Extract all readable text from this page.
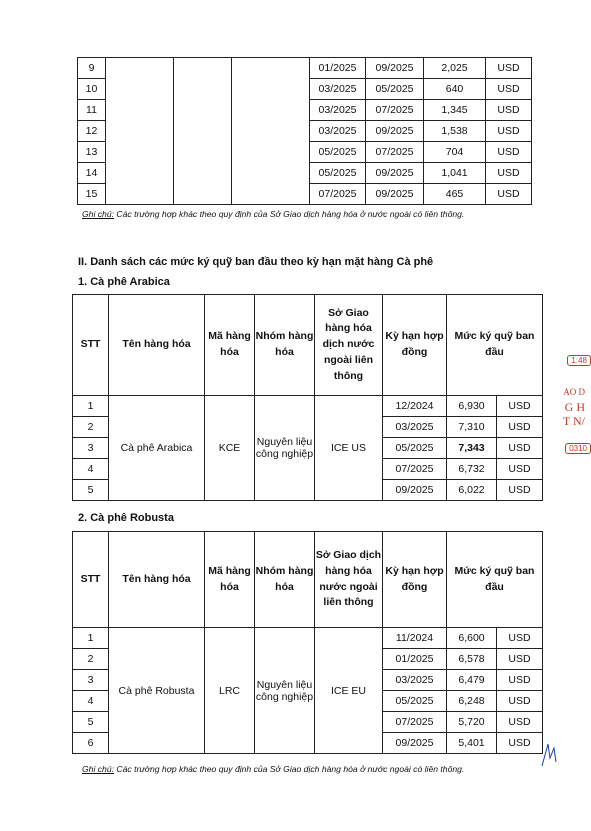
9				01/2025	09/2025	2,025	USD
10				03/2025	05/2025	640	USD
11				03/2025	07/2025	1,345	USD
12				03/2025	09/2025	1,538	USD
13				05/2025	07/2025	704	USD
14				05/2025	09/2025	1,041	USD
15				07/2025	09/2025	465	USD
Ghi chú: Các trường hợp khác theo quy định của Sở Giao dịch hàng hóa ở nước ngoài có liên thông.
II. Danh sách các mức ký quỹ ban đầu theo kỳ hạn mặt hàng Cà phê
1. Cà phê Arabica
STT	Tên hàng hóa	Mã hàng hóa	Nhóm hàng hóa	Sở Giao hàng hóa dịch nước ngoài liên thông	Kỳ hạn hợp đồng	Mức ký quỹ ban đầu	
1	Cà phê Arabica	KCE	Nguyên liệu công nghiệp	ICE US	12/2024	6,930	USD
2					03/2025	7,310	USD
3					05/2025	7,343	USD
4					07/2025	6,732	USD
5					09/2025	6,022	USD
2. Cà phê Robusta
STT	Tên hàng hóa	Mã hàng hóa	Nhóm hàng hóa	Sở Giao dịch hàng hóa nước ngoài liên thông	Kỳ hạn hợp đồng	Mức ký quỹ ban đầu	
1	Cà phê Robusta	LRC	Nguyên liệu công nghiệp	ICE EU	11/2024	6,600	USD
2					01/2025	6,578	USD
3					03/2025	6,479	USD
4					05/2025	6,248	USD
5					07/2025	5,720	USD
6					09/2025	5,401	USD
Ghi chú: Các trường hợp khác theo quy định của Sở Giao dịch hàng hóa ở nước ngoài có liên thông.
1:48
AO D
G H
T N/
0310
